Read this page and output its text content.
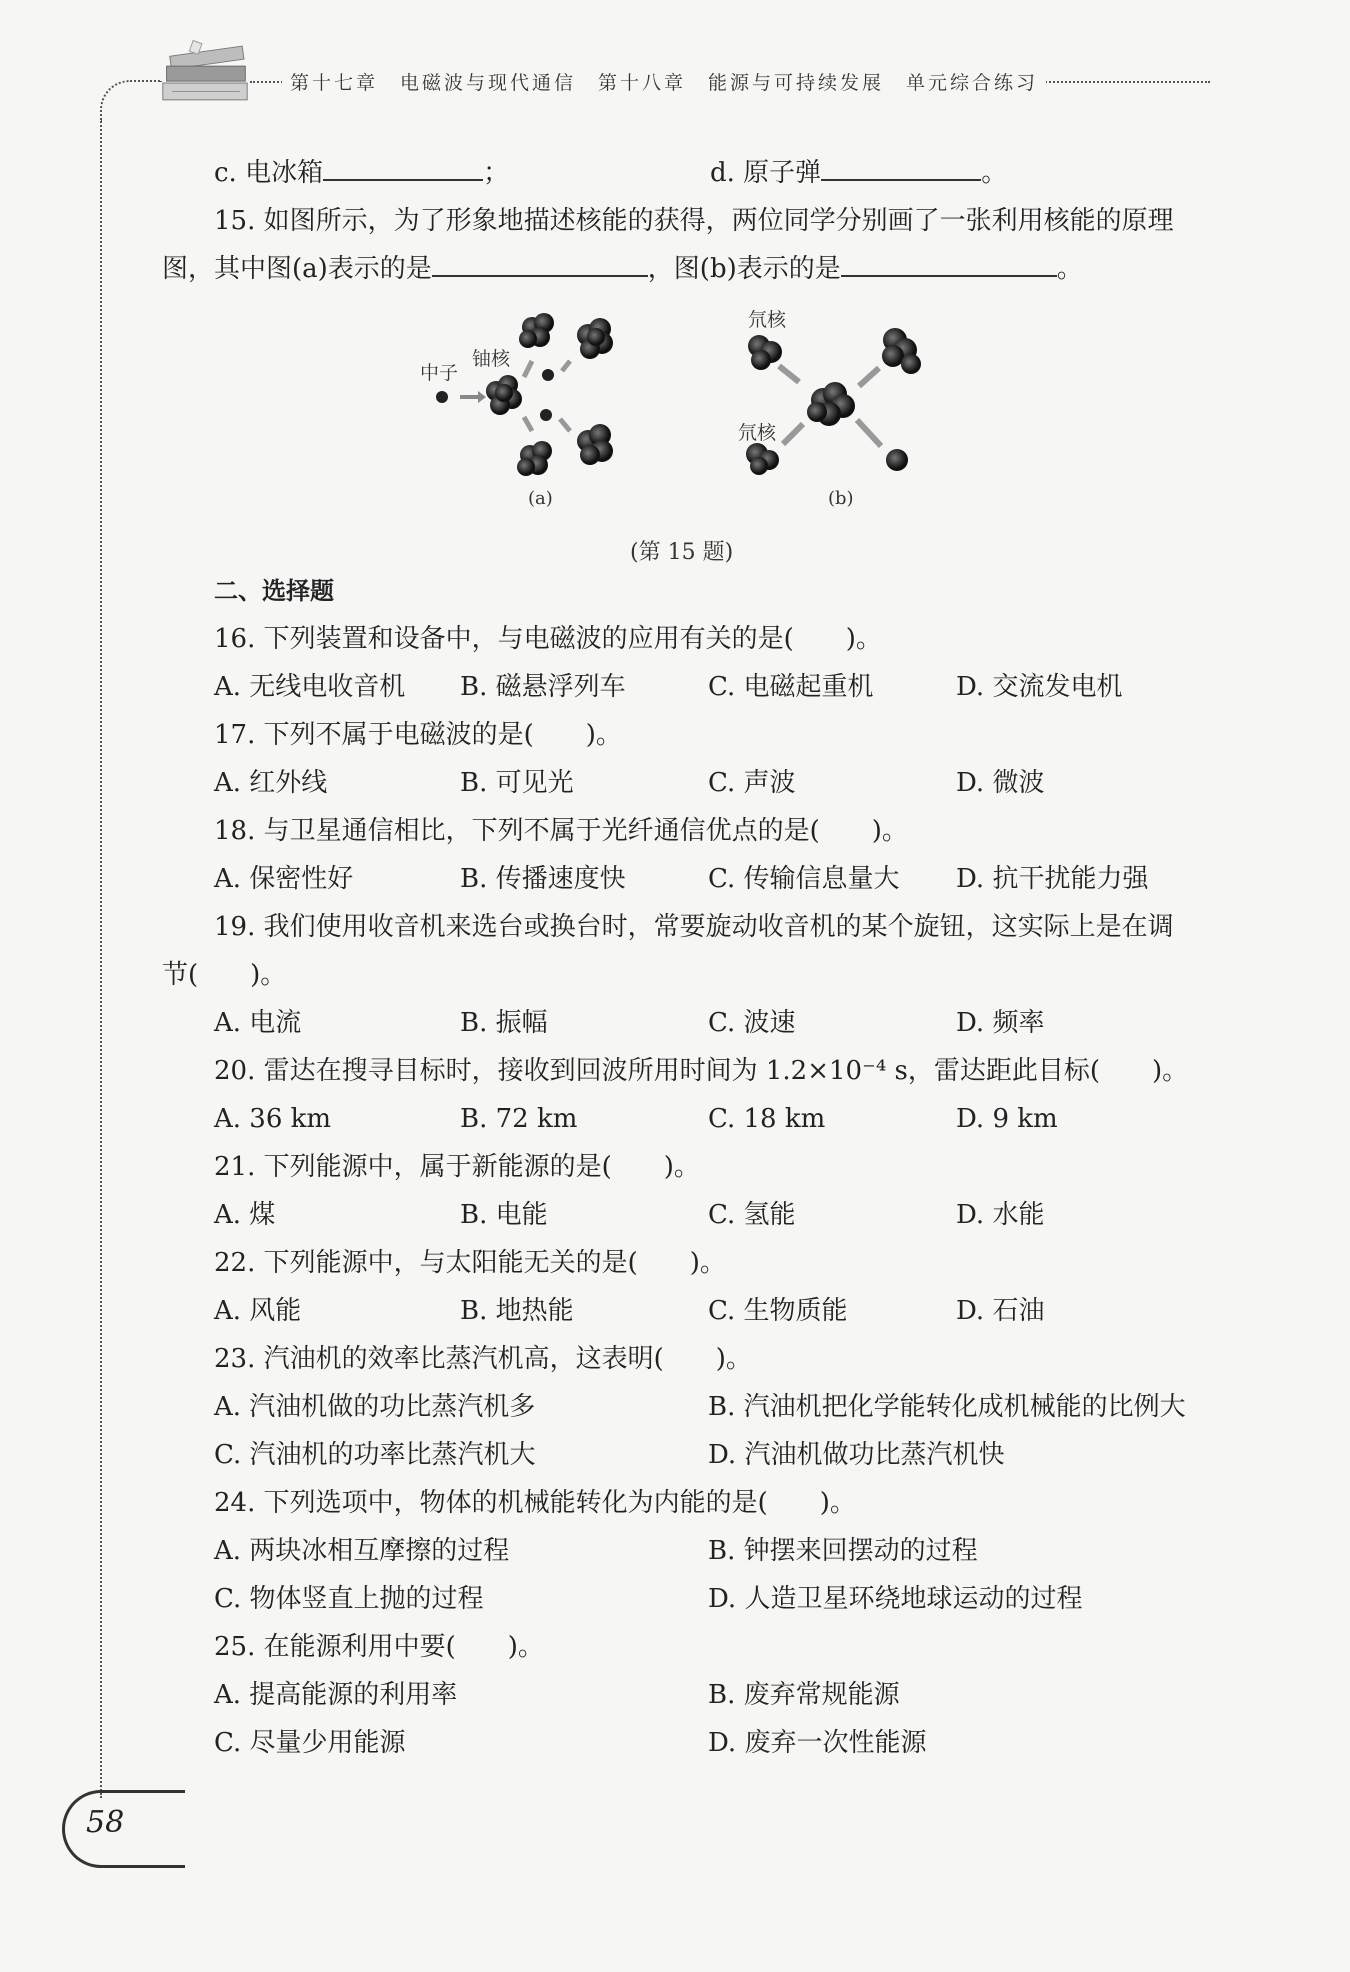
第十七章　电磁波与现代通信　第十八章　能源与可持续发展　单元综合练习
c. 电冰箱	；	d. 原子弹	。
15. 如图所示，为了形象地描述核能的获得，两位同学分别画了一张利用核能的原理
图，其中图(a)表示的是	，图(b)表示的是	。
中子
铀核
(a)
氘核
氘核
(b)
(第 15 题)
二、选择题
16. 下列装置和设备中，与电磁波的应用有关的是(　　)。
A. 无线电收音机 B. 磁悬浮列车	C. 电磁起重机	D. 交流发电机
17. 下列不属于电磁波的是(　　)。
A. 红外线	B. 可见光	C. 声波	D. 微波
18. 与卫星通信相比，下列不属于光纤通信优点的是(　　)。
A. 保密性好	B. 传播速度快	C. 传输信息量大 D. 抗干扰能力强
19. 我们使用收音机来选台或换台时，常要旋动收音机的某个旋钮，这实际上是在调
节(　　)。
A. 电流	B. 振幅	C. 波速	D. 频率
20. 雷达在搜寻目标时，接收到回波所用时间为 1.2×10⁻⁴ s，雷达距此目标(　　)。
A. 36 km	B. 72 km	C. 18 km	D. 9 km
21. 下列能源中，属于新能源的是(　　)。
A. 煤	B. 电能	C. 氢能	D. 水能
22. 下列能源中，与太阳能无关的是(　　)。
A. 风能	B. 地热能	C. 生物质能	D. 石油
23. 汽油机的效率比蒸汽机高，这表明(　　)。
A. 汽油机做的功比蒸汽机多	B. 汽油机把化学能转化成机械能的比例大
C. 汽油机的功率比蒸汽机大	D. 汽油机做功比蒸汽机快
24. 下列选项中，物体的机械能转化为内能的是(　　)。
A. 两块冰相互摩擦的过程	B. 钟摆来回摆动的过程
C. 物体竖直上抛的过程	D. 人造卫星环绕地球运动的过程
25. 在能源利用中要(　　)。
A. 提高能源的利用率	B. 废弃常规能源
C. 尽量少用能源	D. 废弃一次性能源
58
